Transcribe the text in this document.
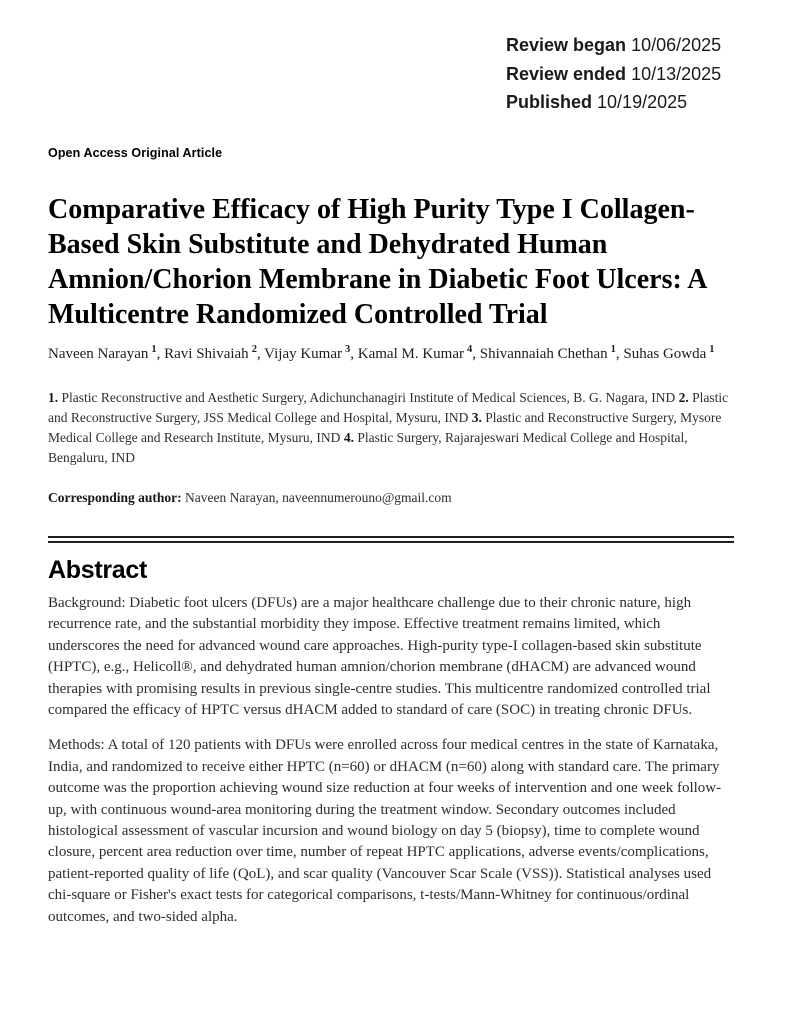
Review began 10/06/2025
Review ended 10/13/2025
Published 10/19/2025
Open Access Original Article
Comparative Efficacy of High Purity Type I Collagen-Based Skin Substitute and Dehydrated Human Amnion/Chorion Membrane in Diabetic Foot Ulcers: A Multicentre Randomized Controlled Trial

Naveen Narayan $^1$, Ravi Shivaiah $^2$, Vijay Kumar $^3$, Kamal M. Kumar $^4$, Shivannaiah Chethan $^1$, Suhas Gowda $^1$

1. Plastic Reconstructive and Aesthetic Surgery, Adichunchanagiri Institute of Medical Sciences, B. G. Nagara, IND 2. Plastic and Reconstructive Surgery, JSS Medical College and Hospital, Mysuru, IND 3. Plastic and Reconstructive Surgery, Mysore Medical College and Research Institute, Mysuru, IND 4. Plastic Surgery, Rajarajeswari Medical College and Hospital, Bengaluru, IND

Corresponding author: Naveen Narayan, naveennumerouno@gmail.com

Abstract

Background: Diabetic foot ulcers (DFUs) are a major healthcare challenge due to their chronic nature, high recurrence rate, and the substantial morbidity they impose. Effective treatment remains limited, which underscores the need for advanced wound care approaches. High-purity type-I collagen-based skin substitute (HPTC), e.g., Helicoll®, and dehydrated human amnion/chorion membrane (dHACM) are advanced wound therapies with promising results in previous single-centre studies. This multicentre randomized controlled trial compared the efficacy of HPTC versus dHACM added to standard of care (SOC) in treating chronic DFUs.

Methods: A total of 120 patients with DFUs were enrolled across four medical centres in the state of Karnataka, India, and randomized to receive either HPTC (n=60) or dHACM (n=60) along with standard care. The primary outcome was the proportion achieving wound size reduction at four weeks of intervention and one week follow-up, with continuous wound-area monitoring during the treatment window. Secondary outcomes included histological assessment of vascular incursion and wound biology on day 5 (biopsy), time to complete wound closure, percent area reduction over time, number of repeat HPTC applications, adverse events/complications, patient-reported quality of life (QoL), and scar quality (Vancouver Scar Scale (VSS)). Statistical analyses used chi-square or Fisher's exact tests for categorical comparisons, t-tests/Mann-Whitney for continuous/ordinal outcomes, and two-sided alpha.
